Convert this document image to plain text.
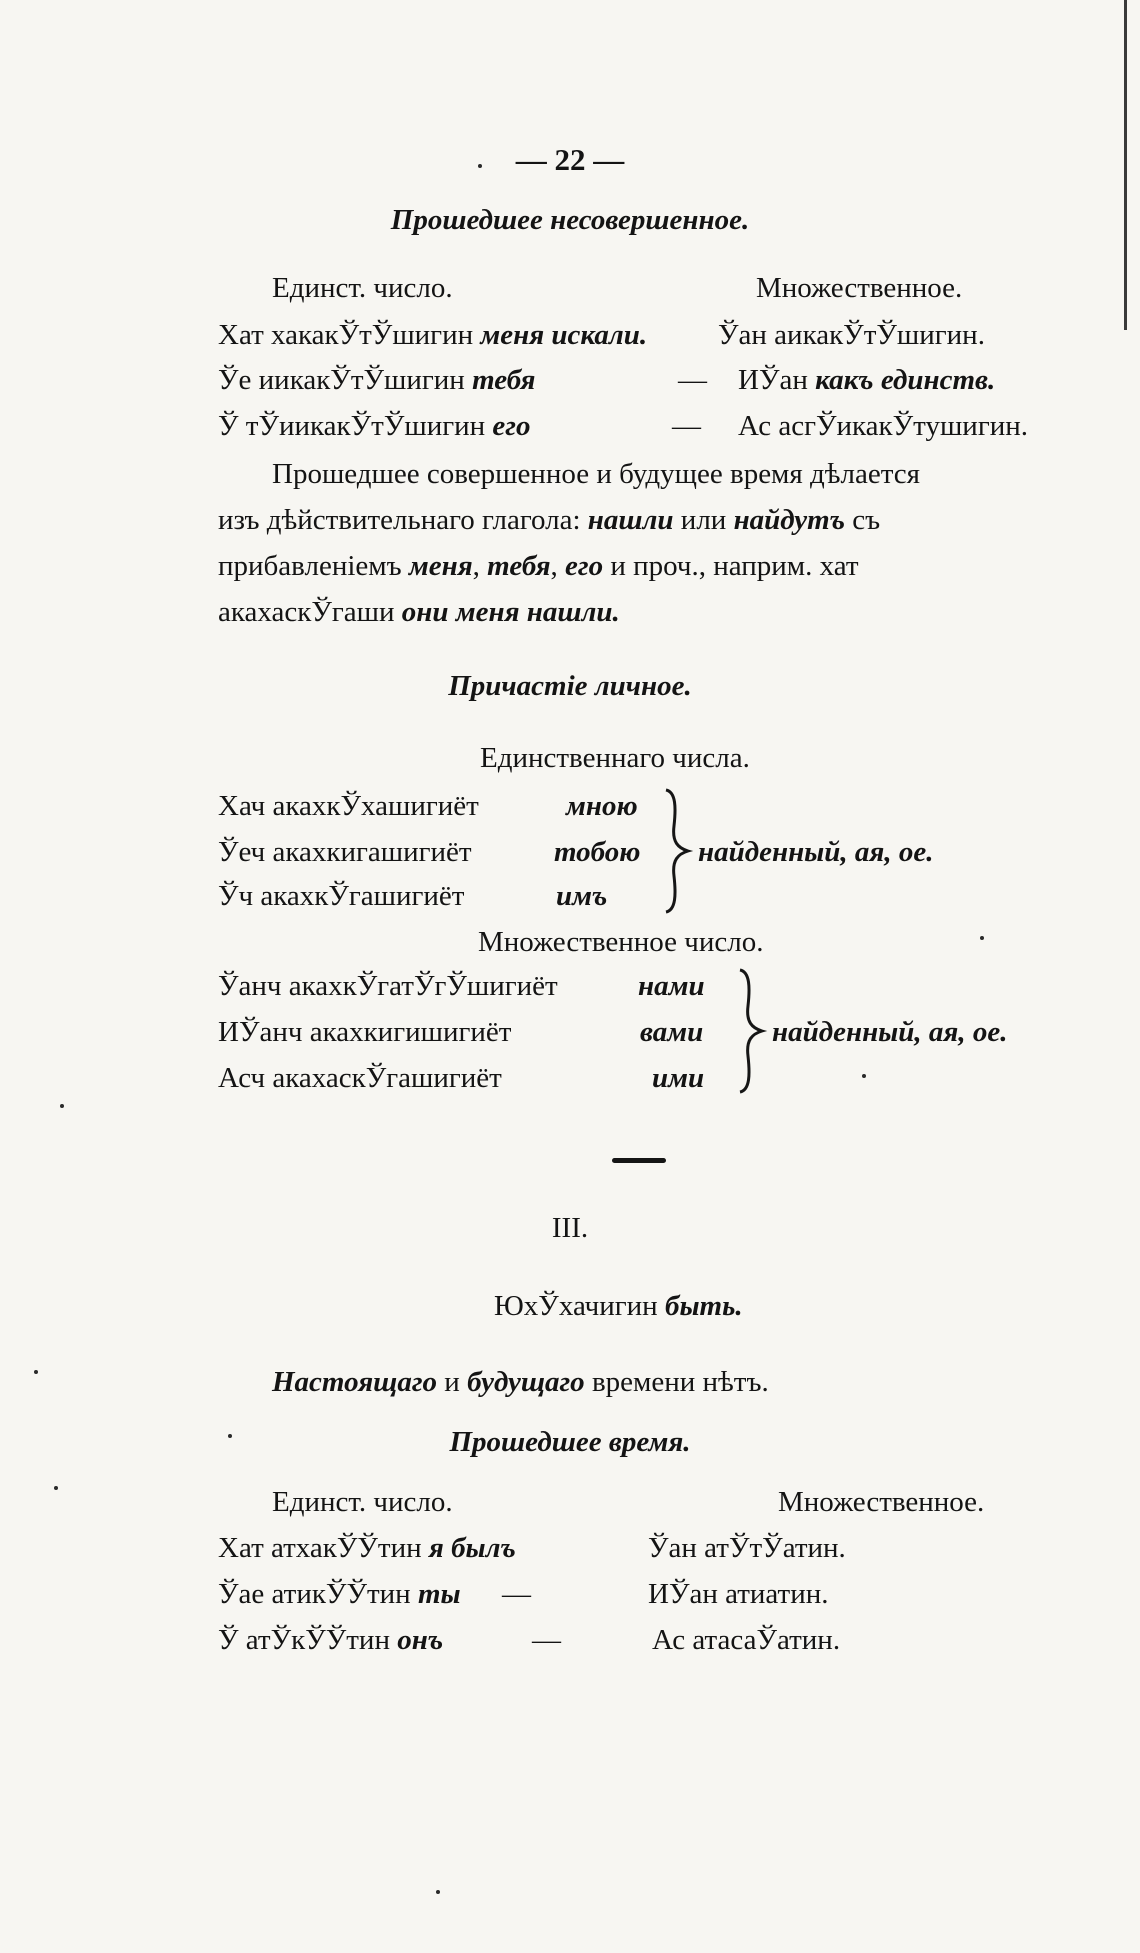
— 22 —
Прошедшее несовершенное.
Единст. число.	Множественное.
Хат хакакЎтЎшигин меня искали. Ўан аикакЎтЎшигин.
Ўе иикакЎтЎшигин тебя	— ИЎан какъ единств.
Ў тЎиикакЎтЎшигин его	— Ас асгЎикакЎтушигин.
Прошедшее совершенное и будущее время дѣлается
изъ дѣйствительнаго глагола: нашли или найдутъ съ
прибавленіемъ меня, тебя, его и проч., наприм. хат
акахаскЎгаши они меня нашли.
Причастіе личное.
Единственнаго числа.
Хач акахкЎхашигиёт	мною
Ўеч акахкигашигиёт	тобою
Ўч акахкЎгашигиёт	имъ
найденный, ая, ое.
Множественное число.
Ўанч акахкЎгатЎгЎшигиёт	нами
ИЎанч акахкигишигиёт	вами
Асч акахаскЎгашигиёт	ими
найденный, ая, ое.
III.
ЮхЎхачигин быть.
Настоящаго и будущаго времени нѣтъ.
Прошедшее время.
Единст. число.	Множественное.
Хат атхакЎЎтин я былъ	Ўан атЎтЎатин.
Ўае атикЎЎтин ты —	ИЎан атиатин.
Ў атЎкЎЎтин онъ	—	Ас атасаЎатин.
